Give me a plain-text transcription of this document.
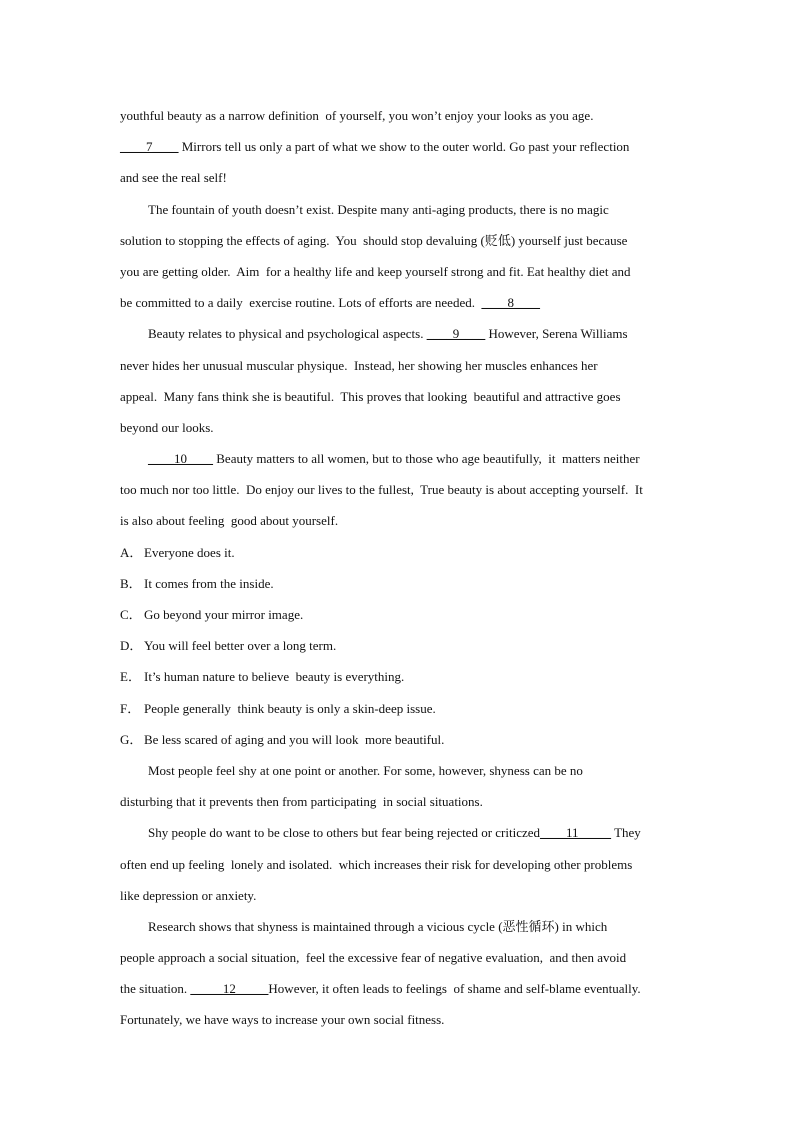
youthful beauty as a narrow definition  of yourself, you won’t enjoy your looks as you age.
____7____ Mirrors tell us only a part of what we show to the outer world. Go past your reflection
and see the real self!
The fountain of youth doesn’t exist. Despite many anti-aging products, there is no magic
solution to stopping the effects of aging.  You  should stop devaluing (贬低) yourself just because
you are getting older.  Aim  for a healthy life and keep yourself strong and fit. Eat healthy diet and
be committed to a daily  exercise routine. Lots of efforts are needed.  ____8____
Beauty relates to physical and psychological aspects. ____9____ However, Serena Williams
never hides her unusual muscular physique.  Instead, her showing her muscles enhances her
appeal.  Many fans think she is beautiful.  This proves that looking  beautiful and attractive goes
beyond our looks.
____10____ Beauty matters to all women, but to those who age beautifully,  it  matters neither
too much nor too little.  Do enjoy our lives to the fullest,  True beauty is about accepting yourself.  It
is also about feeling  good about yourself.
A． Everyone does it.
B． It comes from the inside.
C． Go beyond your mirror image.
D． You will feel better over a long term.
E． It’s human nature to believe  beauty is everything.
F． People generally  think beauty is only a skin-deep issue.
G． Be less scared of aging and you will look  more beautiful.
Most people feel shy at one point or another. For some, however, shyness can be no
disturbing that it prevents then from participating  in social situations.
Shy people do want to be close to others but fear being rejected or criticzed____11_____ They
often end up feeling  lonely and isolated.  which increases their risk for developing other problems
like depression or anxiety.
Research shows that shyness is maintained through a vicious cycle (恶性循环) in which
people approach a social situation,  feel the excessive fear of negative evaluation,  and then avoid
the situation. _____12_____However, it often leads to feelings  of shame and self-blame eventually.
Fortunately, we have ways to increase your own social fitness.
